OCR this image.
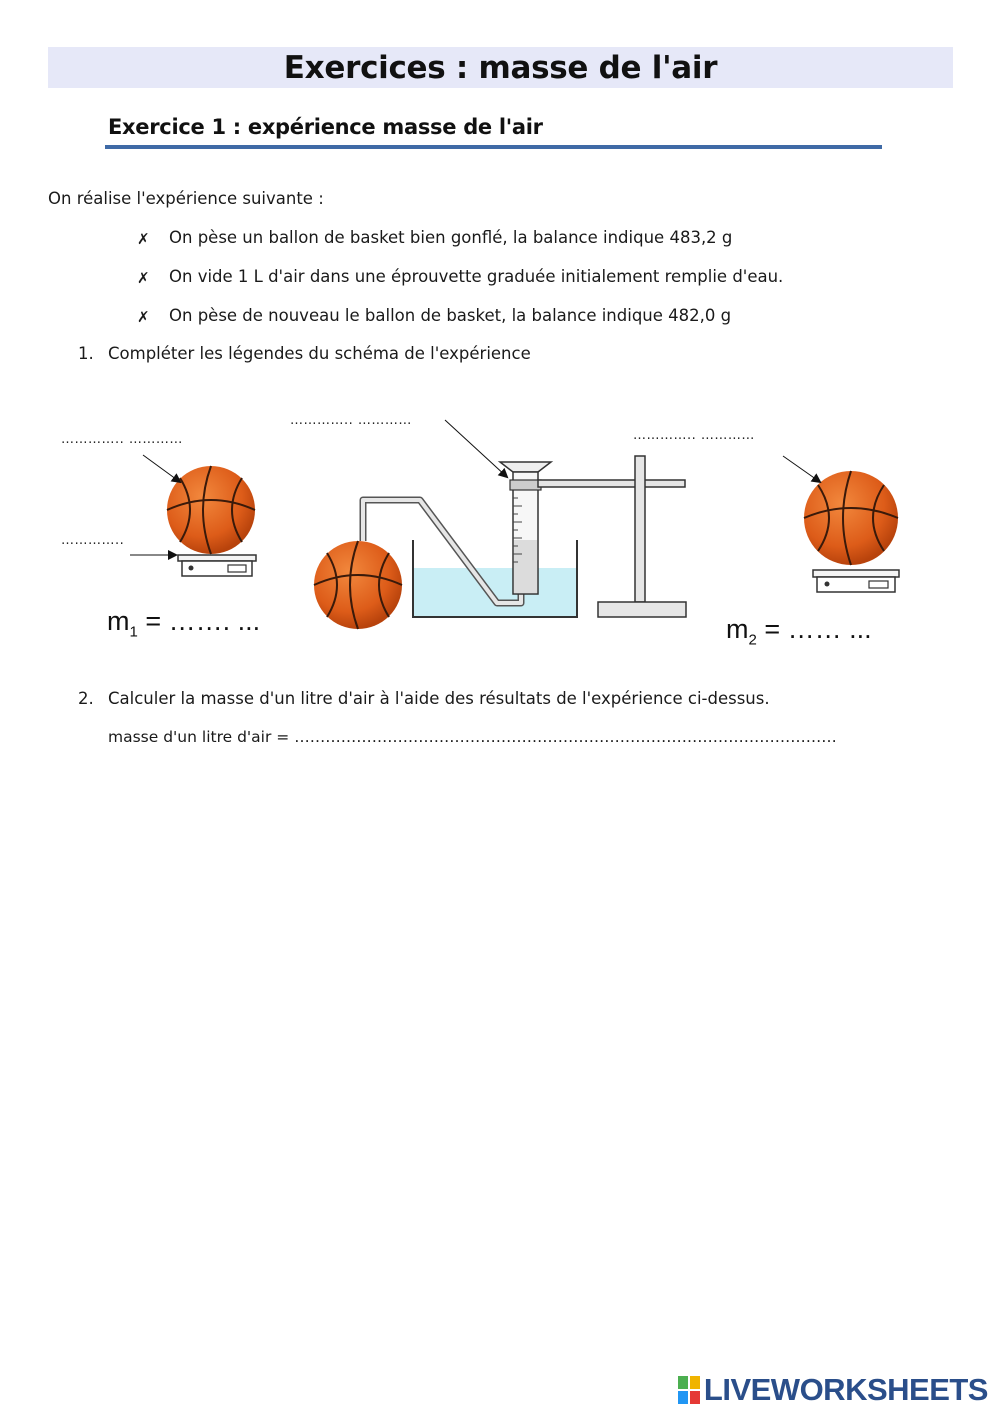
Exercices : masse de l'air
Exercice 1 : expérience masse de l'air
On réalise l'expérience suivante :
✗ On pèse un ballon de basket bien gonflé, la balance indique 483,2 g
✗ On vide 1 L d'air dans une éprouvette graduée initialement remplie d'eau.
✗ On pèse de nouveau le ballon de basket, la balance indique 482,0 g
1. Compléter les légendes du schéma de l'expérience
………….. …………
…………..
………….. …………
………….. …………
$m_1$ = ……. ...	$m_2$ = …… ...
2. Calculer la masse d'un litre d'air à l'aide des résultats de l'expérience ci-dessus.
masse d'un litre d'air = ……………………………………………………………………………………………
LIVEWORKSHEETS
